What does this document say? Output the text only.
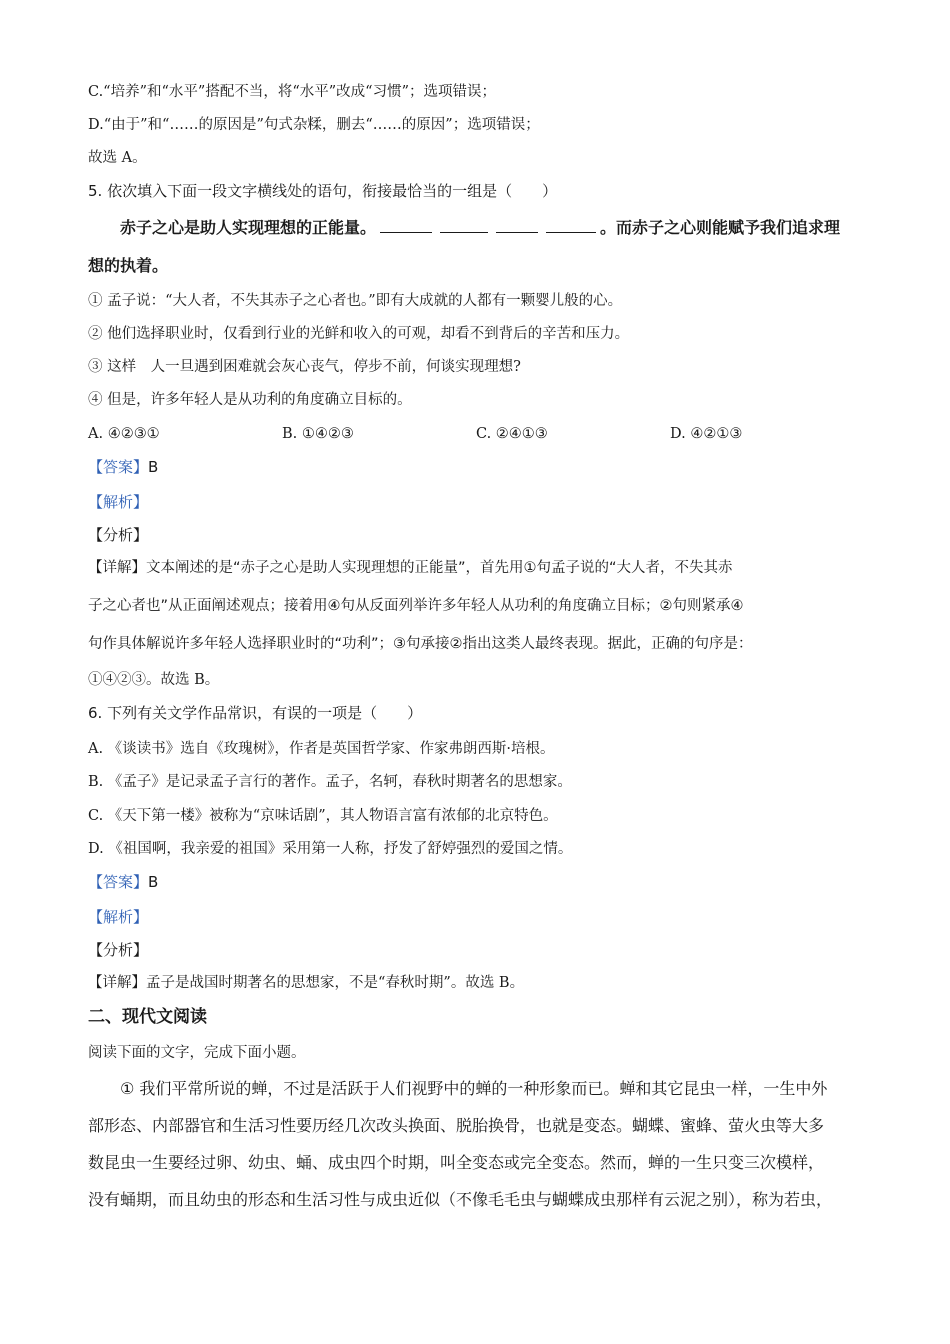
C.“培养”和“水平”搭配不当，将“水平”改成“习惯”；选项错误；
D.“由于”和“……的原因是”句式杂糅，删去“……的原因”；选项错误；
故选 A。
5. 依次填入下面一段文字横线处的语句，衔接最恰当的一组是（　　）
赤子之心是助人实现理想的正能量。	。而赤子之心则能赋予我们追求理
想的执着。
① 孟子说：“大人者，不失其赤子之心者也。”即有大成就的人都有一颗婴儿般的心。
② 他们选择职业时，仅看到行业的光鲜和收入的可观，却看不到背后的辛苦和压力。
③ 这样　人一旦遇到困难就会灰心丧气，停步不前，何谈实现理想?
④ 但是，许多年轻人是从功利的角度确立目标的。
A. ④②③①	B. ①④②③	C. ②④①③	D. ④②①③
【答案】B
【解析】
【分析】
【详解】文本阐述的是“赤子之心是助人实现理想的正能量”，首先用①句孟子说的“大人者，不失其赤
子之心者也”从正面阐述观点；接着用④句从反面列举许多年轻人从功利的角度确立目标；②句则紧承④
句作具体解说许多年轻人选择职业时的“功利”；③句承接②指出这类人最终表现。据此，正确的句序是：
①④②③。故选 B。
6. 下列有关文学作品常识，有误的一项是（　　）
A. 《谈读书》选自《玫瑰树》，作者是英国哲学家、作家弗朗西斯·培根。
B. 《孟子》是记录孟子言行的著作。孟子，名轲，春秋时期著名的思想家。
C. 《天下第一楼》被称为“京味话剧”，其人物语言富有浓郁的北京特色。
D. 《祖国啊，我亲爱的祖国》采用第一人称，抒发了舒婷强烈的爱国之情。
【答案】B
【解析】
【分析】
【详解】孟子是战国时期著名的思想家，不是“春秋时期”。故选 B。
二、现代文阅读
阅读下面的文字，完成下面小题。
① 我们平常所说的蝉，不过是活跃于人们视野中的蝉的一种形象而已。蝉和其它昆虫一样，一生中外
部形态、内部器官和生活习性要历经几次改头换面、脱胎换骨，也就是变态。蝴蝶、蜜蜂、萤火虫等大多
数昆虫一生要经过卵、幼虫、蛹、成虫四个时期，叫全变态或完全变态。然而，蝉的一生只变三次模样，
没有蛹期，而且幼虫的形态和生活习性与成虫近似（不像毛毛虫与蝴蝶成虫那样有云泥之别），称为若虫，
